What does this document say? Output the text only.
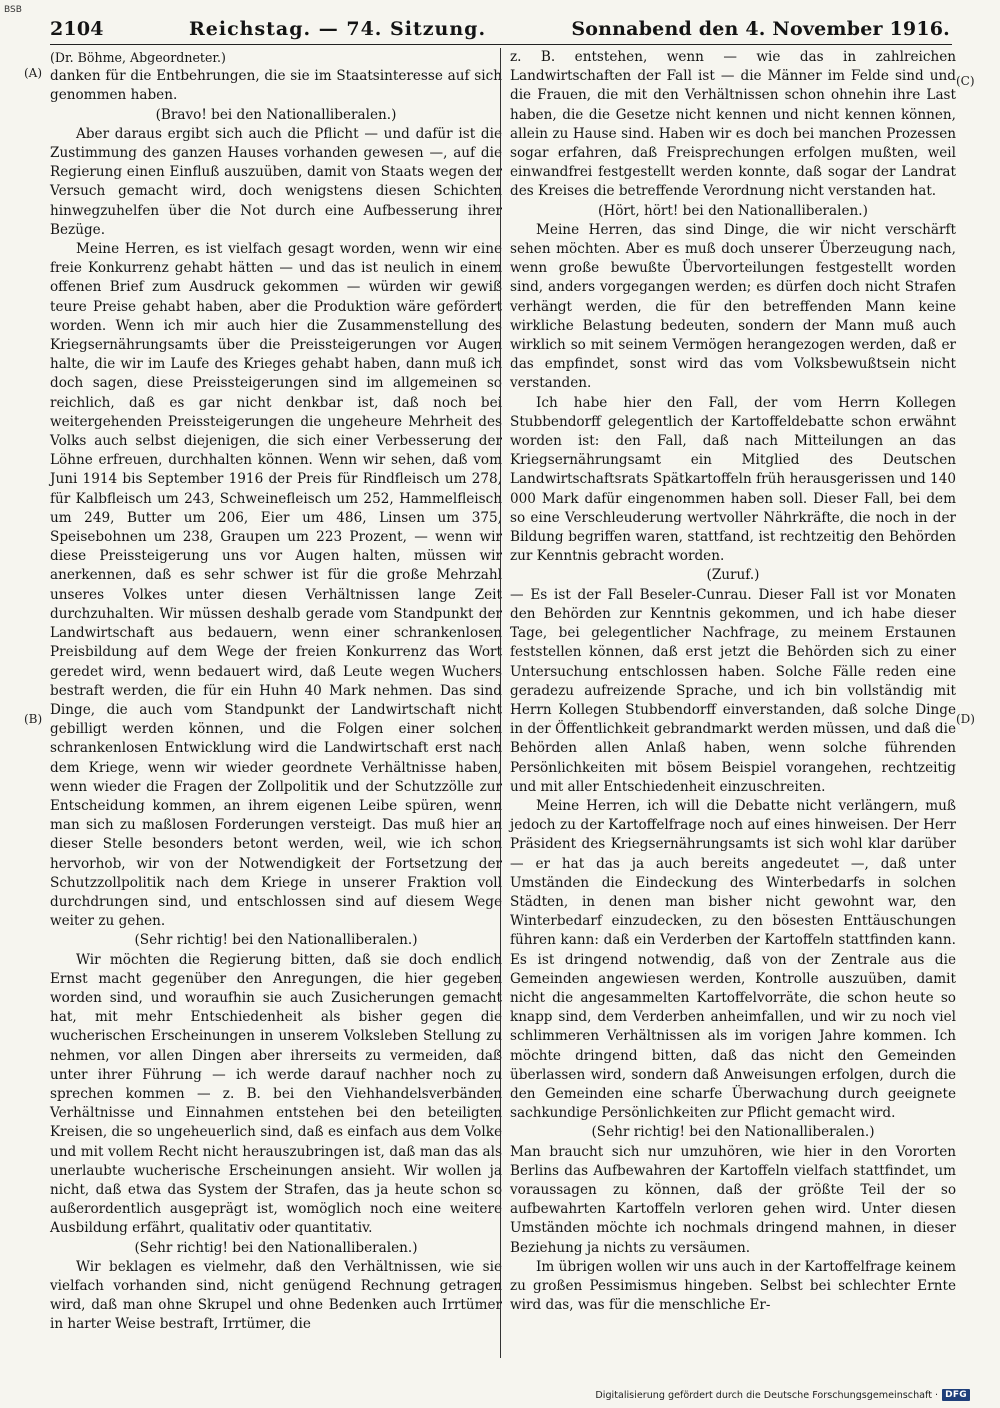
BSB
2104	Reichstag. — 74. Sitzung.	Sonnabend den 4. November 1916.
(A)
(B)
(C)
(D)

(Dr. Böhme, Abgeordneter.)

danken für die Entbehrungen, die sie im Staatsinteresse auf sich genommen haben.

(Bravo! bei den Nationalliberalen.)

Aber daraus ergibt sich auch die Pflicht — und dafür ist die Zustimmung des ganzen Hauses vorhanden gewesen —, auf die Regierung einen Einfluß auszuüben, damit von Staats wegen der Versuch gemacht wird, doch wenigstens diesen Schichten hinwegzuhelfen über die Not durch eine Aufbesserung ihrer Bezüge.

Meine Herren, es ist vielfach gesagt worden, wenn wir eine freie Konkurrenz gehabt hätten — und das ist neulich in einem offenen Brief zum Ausdruck gekommen — würden wir gewiß teure Preise gehabt haben, aber die Produktion wäre gefördert worden. Wenn ich mir auch hier die Zusammenstellung des Kriegsernährungsamts über die Preissteigerungen vor Augen halte, die wir im Laufe des Krieges gehabt haben, dann muß ich doch sagen, diese Preissteigerungen sind im allgemeinen so reichlich, daß es gar nicht denkbar ist, daß noch bei weitergehenden Preissteigerungen die ungeheure Mehrheit des Volks auch selbst diejenigen, die sich einer Verbesserung der Löhne erfreuen, durchhalten können. Wenn wir sehen, daß vom Juni 1914 bis September 1916 der Preis für Rindfleisch um 278, für Kalbfleisch um 243, Schweinefleisch um 252, Hammelfleisch um 249, Butter um 206, Eier um 486, Linsen um 375, Speisebohnen um 238, Graupen um 223 Prozent, — wenn wir diese Preissteigerung uns vor Augen halten, müssen wir anerkennen, daß es sehr schwer ist für die große Mehrzahl unseres Volkes unter diesen Verhältnissen lange Zeit durchzuhalten. Wir müssen deshalb gerade vom Standpunkt der Landwirtschaft aus bedauern, wenn einer schrankenlosen Preisbildung auf dem Wege der freien Konkurrenz das Wort geredet wird, wenn bedauert wird, daß Leute wegen Wuchers bestraft werden, die für ein Huhn 40 Mark nehmen. Das sind Dinge, die auch vom Standpunkt der Landwirtschaft nicht gebilligt werden können, und die Folgen einer solchen schrankenlosen Entwicklung wird die Landwirtschaft erst nach dem Kriege, wenn wir wieder geordnete Verhältnisse haben, wenn wieder die Fragen der Zollpolitik und der Schutzzölle zur Entscheidung kommen, an ihrem eigenen Leibe spüren, wenn man sich zu maßlosen Forderungen versteigt. Das muß hier an dieser Stelle besonders betont werden, weil, wie ich schon hervorhob, wir von der Notwendigkeit der Fortsetzung der Schutzzollpolitik nach dem Kriege in unserer Fraktion voll durchdrungen sind, und entschlossen sind auf diesem Wege weiter zu gehen.

(Sehr richtig! bei den Nationalliberalen.)

Wir möchten die Regierung bitten, daß sie doch endlich Ernst macht gegenüber den Anregungen, die hier gegeben worden sind, und woraufhin sie auch Zusicherungen gemacht hat, mit mehr Entschiedenheit als bisher gegen die wucherischen Erscheinungen in unserem Volksleben Stellung zu nehmen, vor allen Dingen aber ihrerseits zu vermeiden, daß unter ihrer Führung — ich werde darauf nachher noch zu sprechen kommen — z. B. bei den Viehhandelsverbänden Verhältnisse und Einnahmen entstehen bei den beteiligten Kreisen, die so ungeheuerlich sind, daß es einfach aus dem Volke und mit vollem Recht nicht herauszubringen ist, daß man das als unerlaubte wucherische Erscheinungen ansieht. Wir wollen ja nicht, daß etwa das System der Strafen, das ja heute schon so außerordentlich ausgeprägt ist, womöglich noch eine weitere Ausbildung erfährt, qualitativ oder quantitativ.

(Sehr richtig! bei den Nationalliberalen.)

Wir beklagen es vielmehr, daß den Verhältnissen, wie sie vielfach vorhanden sind, nicht genügend Rechnung getragen wird, daß man ohne Skrupel und ohne Bedenken auch Irrtümer in harter Weise bestraft, Irrtümer, die

z. B. entstehen, wenn — wie das in zahlreichen Landwirtschaften der Fall ist — die Männer im Felde sind und die Frauen, die mit den Verhältnissen schon ohnehin ihre Last haben, die die Gesetze nicht kennen und nicht kennen können, allein zu Hause sind. Haben wir es doch bei manchen Prozessen sogar erfahren, daß Freisprechungen erfolgen mußten, weil einwandfrei festgestellt werden konnte, daß sogar der Landrat des Kreises die betreffende Verordnung nicht verstanden hat.

(Hört, hört! bei den Nationalliberalen.)

Meine Herren, das sind Dinge, die wir nicht verschärft sehen möchten. Aber es muß doch unserer Überzeugung nach, wenn große bewußte Übervorteilungen festgestellt worden sind, anders vorgegangen werden; es dürfen doch nicht Strafen verhängt werden, die für den betreffenden Mann keine wirkliche Belastung bedeuten, sondern der Mann muß auch wirklich so mit seinem Vermögen herangezogen werden, daß er das empfindet, sonst wird das vom Volksbewußtsein nicht verstanden.

Ich habe hier den Fall, der vom Herrn Kollegen Stubbendorff gelegentlich der Kartoffeldebatte schon erwähnt worden ist: den Fall, daß nach Mitteilungen an das Kriegsernährungsamt ein Mitglied des Deutschen Landwirtschaftsrats Spätkartoffeln früh herausgerissen und 140 000 Mark dafür eingenommen haben soll. Dieser Fall, bei dem so eine Verschleuderung wertvoller Nährkräfte, die noch in der Bildung begriffen waren, stattfand, ist rechtzeitig den Behörden zur Kenntnis gebracht worden.

(Zuruf.)

— Es ist der Fall Beseler-Cunrau. Dieser Fall ist vor Monaten den Behörden zur Kenntnis gekommen, und ich habe dieser Tage, bei gelegentlicher Nachfrage, zu meinem Erstaunen feststellen können, daß erst jetzt die Behörden sich zu einer Untersuchung entschlossen haben. Solche Fälle reden eine geradezu aufreizende Sprache, und ich bin vollständig mit Herrn Kollegen Stubbendorff einverstanden, daß solche Dinge in der Öffentlichkeit gebrandmarkt werden müssen, und daß die Behörden allen Anlaß haben, wenn solche führenden Persönlichkeiten mit bösem Beispiel vorangehen, rechtzeitig und mit aller Entschiedenheit einzuschreiten.

Meine Herren, ich will die Debatte nicht verlängern, muß jedoch zu der Kartoffelfrage noch auf eines hinweisen. Der Herr Präsident des Kriegsernährungsamts ist sich wohl klar darüber — er hat das ja auch bereits angedeutet —, daß unter Umständen die Eindeckung des Winterbedarfs in solchen Städten, in denen man bisher nicht gewohnt war, den Winterbedarf einzudecken, zu den bösesten Enttäuschungen führen kann: daß ein Verderben der Kartoffeln stattfinden kann. Es ist dringend notwendig, daß von der Zentrale aus die Gemeinden angewiesen werden, Kontrolle auszuüben, damit nicht die angesammelten Kartoffelvorräte, die schon heute so knapp sind, dem Verderben anheimfallen, und wir zu noch viel schlimmeren Verhältnissen als im vorigen Jahre kommen. Ich möchte dringend bitten, daß das nicht den Gemeinden überlassen wird, sondern daß Anweisungen erfolgen, durch die den Gemeinden eine scharfe Überwachung durch geeignete sachkundige Persönlichkeiten zur Pflicht gemacht wird.

(Sehr richtig! bei den Nationalliberalen.)

Man braucht sich nur umzuhören, wie hier in den Vororten Berlins das Aufbewahren der Kartoffeln vielfach stattfindet, um voraussagen zu können, daß der größte Teil der so aufbewahrten Kartoffeln verloren gehen wird. Unter diesen Umständen möchte ich nochmals dringend mahnen, in dieser Beziehung ja nichts zu versäumen.

Im übrigen wollen wir uns auch in der Kartoffelfrage keinem zu großen Pessimismus hingeben. Selbst bei schlechter Ernte wird das, was für die menschliche Er-

Digitalisierung gefördert durch die Deutsche Forschungsgemeinschaft · DFG
